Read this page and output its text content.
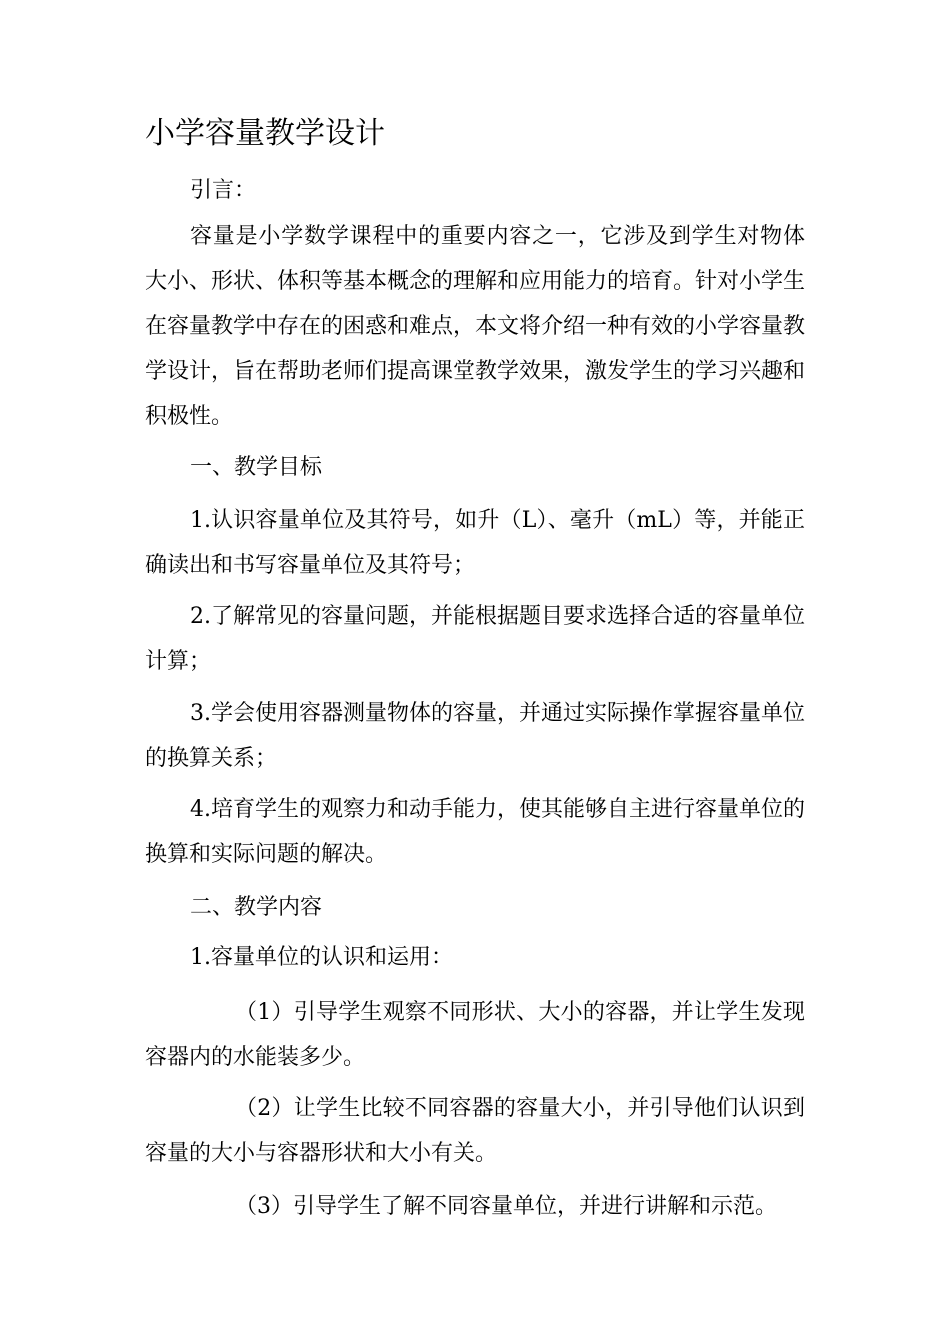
小学容量教学设计

引言：

容量是小学数学课程中的重要内容之一，它涉及到学生对物体大小、形状、体积等基本概念的理解和应用能力的培育。针对小学生在容量教学中存在的困惑和难点，本文将介绍一种有效的小学容量教学设计，旨在帮助老师们提高课堂教学效果，激发学生的学习兴趣和积极性。

一、教学目标

1.认识容量单位及其符号，如升（L）、毫升（mL）等，并能正确读出和书写容量单位及其符号；

2.了解常见的容量问题，并能根据题目要求选择合适的容量单位计算；

3.学会使用容器测量物体的容量，并通过实际操作掌握容量单位的换算关系；

4.培育学生的观察力和动手能力，使其能够自主进行容量单位的换算和实际问题的解决。

二、教学内容

1.容量单位的认识和运用：

（1）引导学生观察不同形状、大小的容器，并让学生发现容器内的水能装多少。

（2）让学生比较不同容器的容量大小，并引导他们认识到容量的大小与容器形状和大小有关。

（3）引导学生了解不同容量单位，并进行讲解和示范。
